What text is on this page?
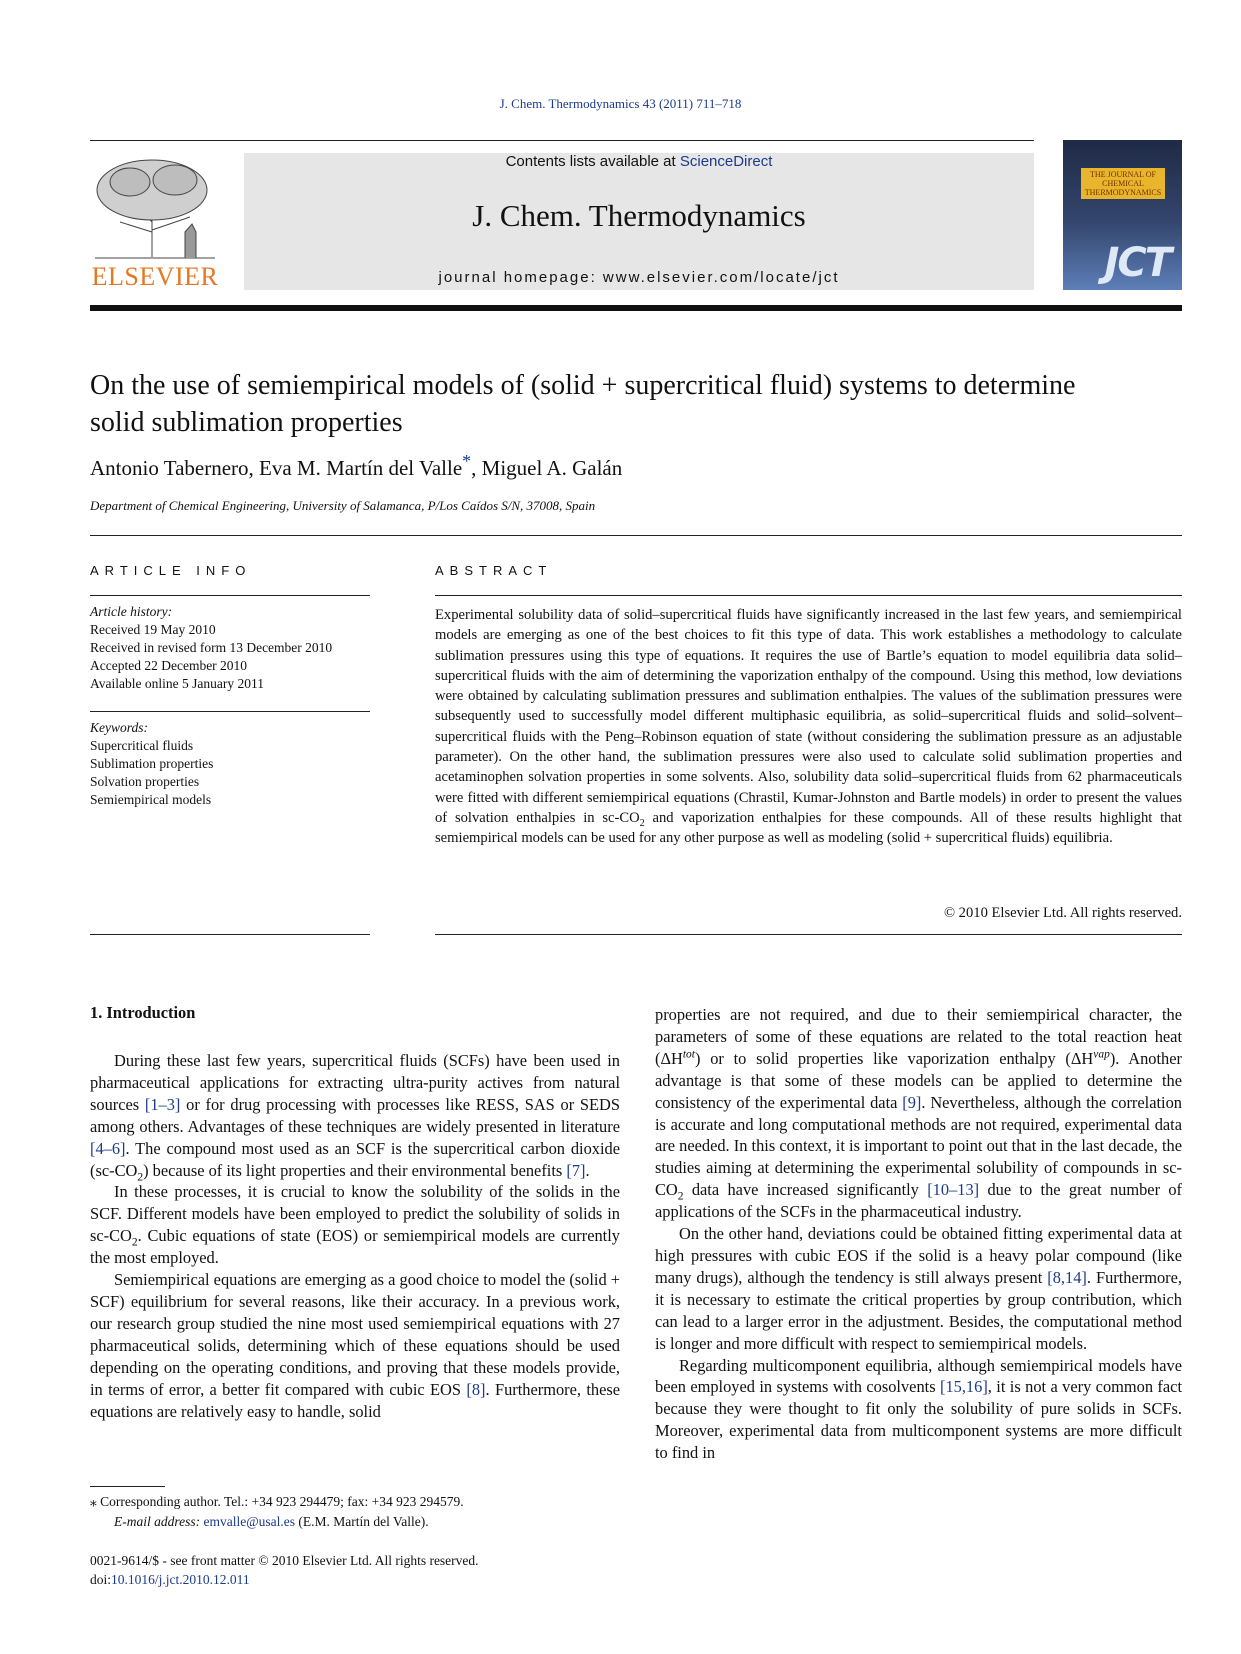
J. Chem. Thermodynamics 43 (2011) 711–718
ELSEVIER
Contents lists available at ScienceDirect
J. Chem. Thermodynamics
journal homepage: www.elsevier.com/locate/jct
THE JOURNAL OF CHEMICAL THERMODYNAMICS
JCT
On the use of semiempirical models of (solid + supercritical fluid) systems to determine solid sublimation properties
Antonio Tabernero, Eva M. Martín del Valle*, Miguel A. Galán
Department of Chemical Engineering, University of Salamanca, P/Los Caídos S/N, 37008, Spain
ARTICLE INFO	ABSTRACT
Article history:
Received 19 May 2010
Received in revised form 13 December 2010
Accepted 22 December 2010
Available online 5 January 2011
Keywords:
Supercritical fluids
Sublimation properties
Solvation properties
Semiempirical models
Experimental solubility data of solid–supercritical fluids have significantly increased in the last few years, and semiempirical models are emerging as one of the best choices to fit this type of data. This work establishes a methodology to calculate sublimation pressures using this type of equations. It requires the use of Bartle’s equation to model equilibria data solid–supercritical fluids with the aim of determining the vaporization enthalpy of the compound. Using this method, low deviations were obtained by calculating sublimation pressures and sublimation enthalpies. The values of the sublimation pressures were subsequently used to successfully model different multiphasic equilibria, as solid–supercritical fluids and solid–solvent–supercritical fluids with the Peng–Robinson equation of state (without considering the sublimation pressure as an adjustable parameter). On the other hand, the sublimation pressures were also used to calculate solid sublimation properties and acetaminophen solvation properties in some solvents. Also, solubility data solid–supercritical fluids from 62 pharmaceuticals were fitted with different semiempirical equations (Chrastil, Kumar-Johnston and Bartle models) in order to present the values of solvation enthalpies in $sc-CO_2$ and vaporization enthalpies for these compounds. All of these results highlight that semiempirical models can be used for any other purpose as well as modeling (solid + supercritical fluids) equilibria.
© 2010 Elsevier Ltd. All rights reserved.
1. Introduction

During these last few years, supercritical fluids (SCFs) have been used in pharmaceutical applications for extracting ultra-purity actives from natural sources [1–3] or for drug processing with processes like RESS, SAS or SEDS among others. Advantages of these techniques are widely presented in literature [4–6]. The compound most used as an SCF is the supercritical carbon dioxide $(sc-CO_2)$ because of its light properties and their environmental benefits [7].

In these processes, it is crucial to know the solubility of the solids in the SCF. Different models have been employed to predict the solubility of solids in $sc-CO_2$. Cubic equations of state (EOS) or semiempirical models are currently the most employed.

Semiempirical equations are emerging as a good choice to model the (solid + SCF) equilibrium for several reasons, like their accuracy. In a previous work, our research group studied the nine most used semiempirical equations with 27 pharmaceutical solids, determining which of these equations should be used depending on the operating conditions, and proving that these models provide, in terms of error, a better fit compared with cubic EOS [8]. Furthermore, these equations are relatively easy to handle, solid

properties are not required, and due to their semiempirical character, the parameters of some of these equations are related to the total reaction heat $(\Delta H^{tot})$ or to solid properties like vaporization enthalpy $(\Delta H^{vap})$. Another advantage is that some of these models can be applied to determine the consistency of the experimental data [9]. Nevertheless, although the correlation is accurate and long computational methods are not required, experimental data are needed. In this context, it is important to point out that in the last decade, the studies aiming at determining the experimental solubility of compounds in $sc-CO_2$ data have increased significantly [10–13] due to the great number of applications of the SCFs in the pharmaceutical industry.

On the other hand, deviations could be obtained fitting experimental data at high pressures with cubic EOS if the solid is a heavy polar compound (like many drugs), although the tendency is still always present [8,14]. Furthermore, it is necessary to estimate the critical properties by group contribution, which can lead to a larger error in the adjustment. Besides, the computational method is longer and more difficult with respect to semiempirical models.

Regarding multicomponent equilibria, although semiempirical models have been employed in systems with cosolvents [15,16], it is not a very common fact because they were thought to fit only the solubility of pure solids in SCFs. Moreover, experimental data from multicomponent systems are more difficult to find in

⁎ Corresponding author. Tel.: +34 923 294479; fax: +34 923 294579.
E-mail address: emvalle@usal.es (E.M. Martín del Valle).
0021-9614/$ - see front matter © 2010 Elsevier Ltd. All rights reserved.
doi:10.1016/j.jct.2010.12.011
